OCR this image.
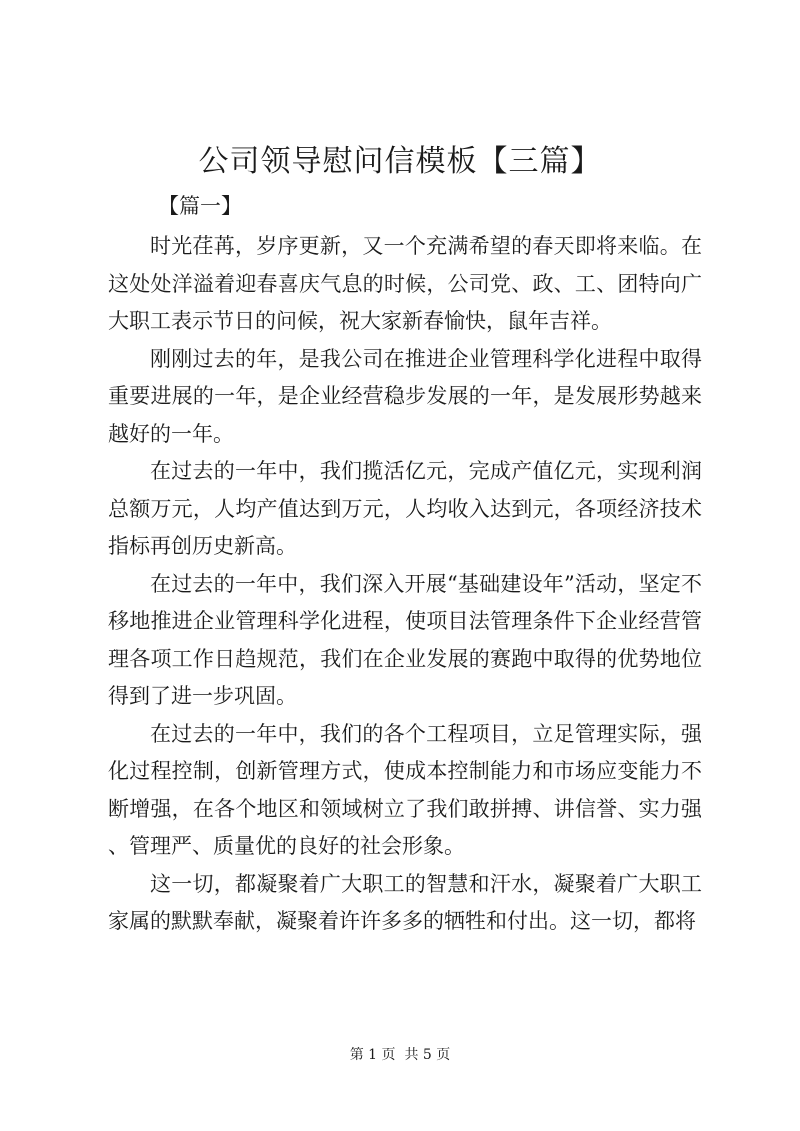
公司领导慰问信模板【三篇】
【篇一】

时光荏苒，岁序更新，又一个充满希望的春天即将来临。在这处处洋溢着迎春喜庆气息的时候，公司党、政、工、团特向广大职工表示节日的问候，祝大家新春愉快，鼠年吉祥。

刚刚过去的年，是我公司在推进企业管理科学化进程中取得重要进展的一年，是企业经营稳步发展的一年，是发展形势越来越好的一年。

在过去的一年中，我们揽活亿元，完成产值亿元，实现利润总额万元，人均产值达到万元，人均收入达到元，各项经济技术指标再创历史新高。

在过去的一年中，我们深入开展“基础建设年”活动，坚定不移地推进企业管理科学化进程，使项目法管理条件下企业经营管理各项工作日趋规范，我们在企业发展的赛跑中取得的优势地位得到了进一步巩固。

在过去的一年中，我们的各个工程项目，立足管理实际，强化过程控制，创新管理方式，使成本控制能力和市场应变能力不断增强，在各个地区和领域树立了我们敢拼搏、讲信誉、实力强、管理严、质量优的良好的社会形象。

这一切，都凝聚着广大职工的智慧和汗水，凝聚着广大职工家属的默默奉献，凝聚着许许多多的牺牲和付出。这一切，都将

第 1 页  共 5 页
